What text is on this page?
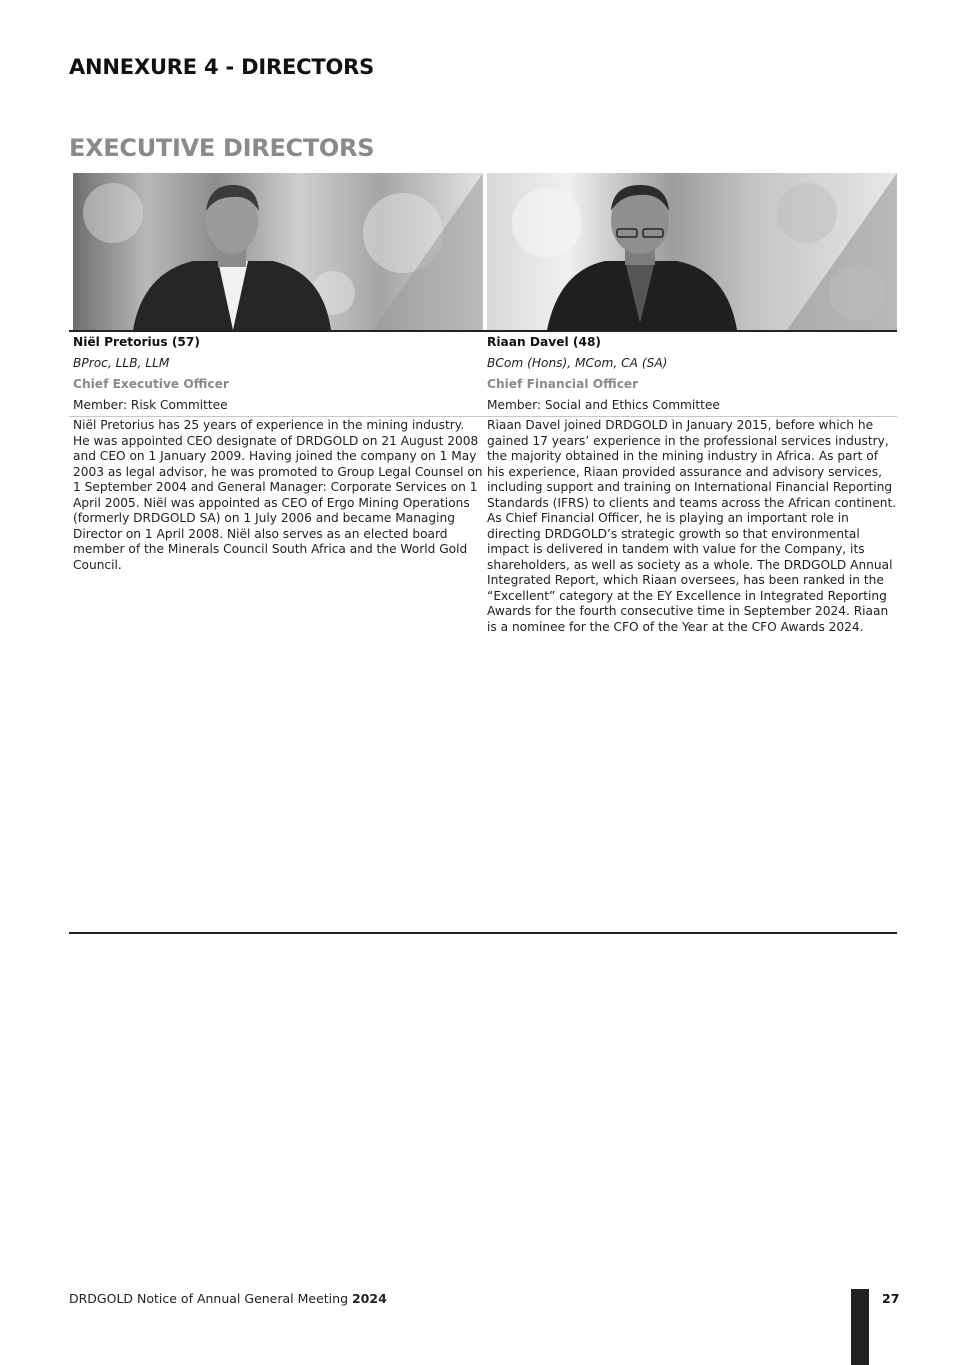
ANNEXURE 4 - DIRECTORS
EXECUTIVE DIRECTORS
Niël Pretorius (57)
BProc, LLB, LLM
Chief Executive Officer
Member: Risk Committee
Riaan Davel (48)
BCom (Hons), MCom, CA (SA)
Chief Financial Officer
Member: Social and Ethics Committee
Niël Pretorius has 25 years of experience in the mining industry. He was appointed CEO designate of DRDGOLD on 21 August 2008 and CEO on 1 January 2009. Having joined the company on 1 May 2003 as legal advisor, he was promoted to Group Legal Counsel on 1 September 2004 and General Manager: Corporate Services on 1 April 2005. Niël was appointed as CEO of Ergo Mining Operations (formerly DRDGOLD SA) on 1 July 2006 and became Managing Director on 1 April 2008. Niël also serves as an elected board member of the Minerals Council South Africa and the World Gold Council.
Riaan Davel joined DRDGOLD in January 2015, before which he gained 17 years’ experience in the professional services industry, the majority obtained in the mining industry in Africa. As part of his experience, Riaan provided assurance and advisory services, including support and training on International Financial Reporting Standards (IFRS) to clients and teams across the African continent. As Chief Financial Officer, he is playing an important role in directing DRDGOLD’s strategic growth so that environmental impact is delivered in tandem with value for the Company, its shareholders, as well as society as a whole. The DRDGOLD Annual Integrated Report, which Riaan oversees, has been ranked in the “Excellent” category at the EY Excellence in Integrated Reporting Awards for the fourth consecutive time in September 2024. Riaan is a nominee for the CFO of the Year at the CFO Awards 2024.
DRDGOLD Notice of Annual General Meeting 2024	27
